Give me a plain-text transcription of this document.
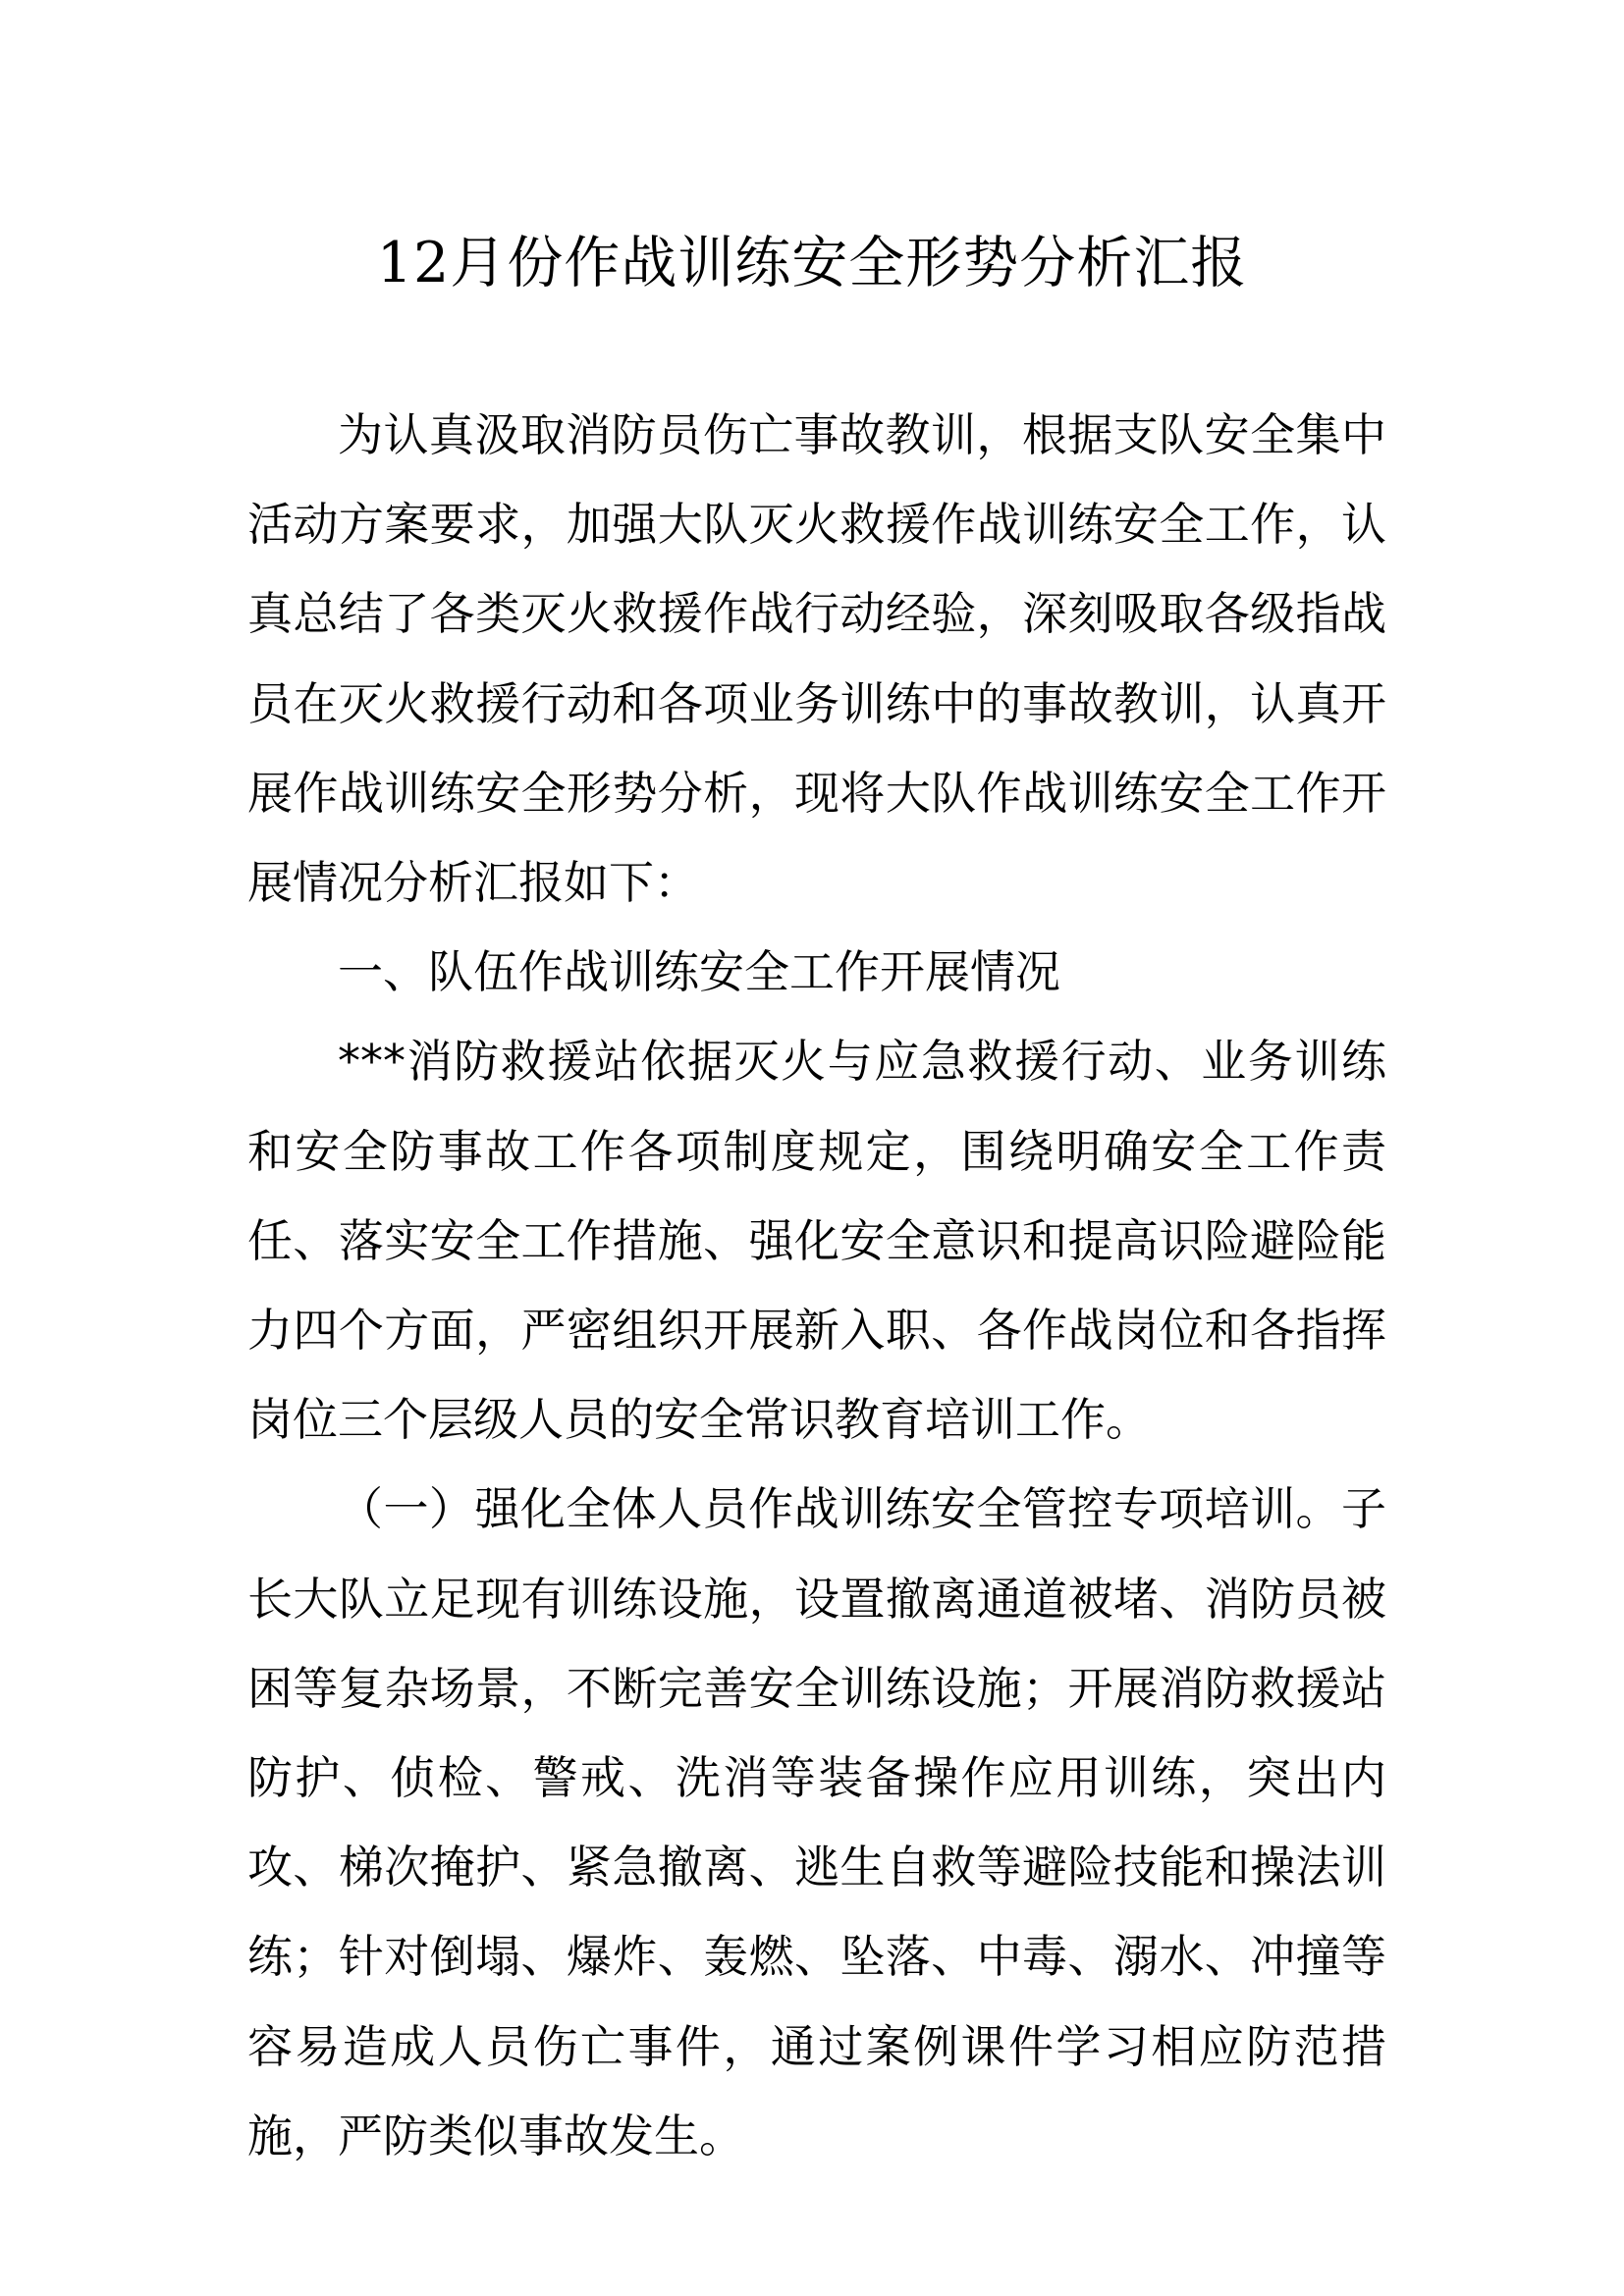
12月份作战训练安全形势分析汇报

为认真汲取消防员伤亡事故教训，根据支队安全集中活动方案要求，加强大队灭火救援作战训练安全工作，认真总结了各类灭火救援作战行动经验，深刻吸取各级指战员在灭火救援行动和各项业务训练中的事故教训，认真开展作战训练安全形势分析，现将大队作战训练安全工作开展情况分析汇报如下：

一、队伍作战训练安全工作开展情况

***消防救援站依据灭火与应急救援行动、业务训练和安全防事故工作各项制度规定，围绕明确安全工作责任、落实安全工作措施、强化安全意识和提高识险避险能力四个方面，严密组织开展新入职、各作战岗位和各指挥岗位三个层级人员的安全常识教育培训工作。

（一）强化全体人员作战训练安全管控专项培训。子长大队立足现有训练设施，设置撤离通道被堵、消防员被困等复杂场景，不断完善安全训练设施；开展消防救援站防护、侦检、警戒、洗消等装备操作应用训练，突出内攻、梯次掩护、紧急撤离、逃生自救等避险技能和操法训练；针对倒塌、爆炸、轰燃、坠落、中毒、溺水、冲撞等容易造成人员伤亡事件，通过案例课件学习相应防范措施，严防类似事故发生。
